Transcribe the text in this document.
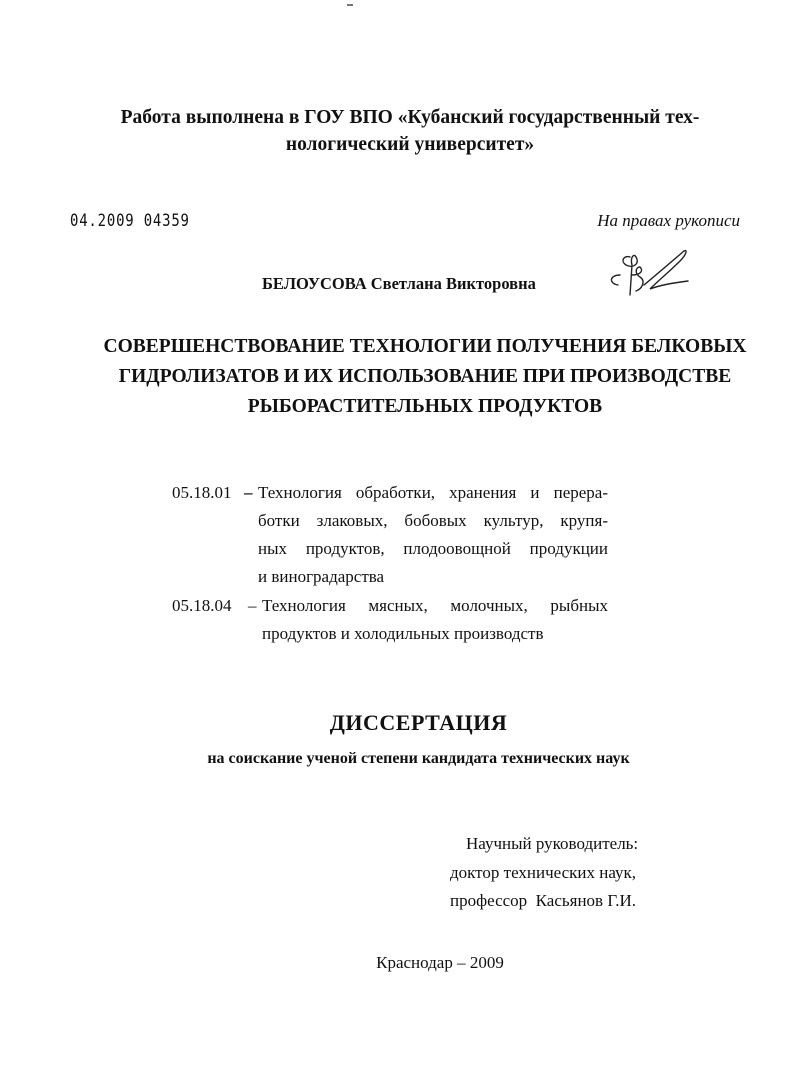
Работа выполнена в ГОУ ВПО «Кубанский государственный тех-
нологический университет»
04.2009 04359	На правах рукописи
БЕЛОУСОВА Светлана Викторовна
СОВЕРШЕНСТВОВАНИЕ ТЕХНОЛОГИИ ПОЛУЧЕНИЯ БЕЛКОВЫХ
ГИДРОЛИЗАТОВ И ИХ ИСПОЛЬЗОВАНИЕ ПРИ ПРОИЗВОДСТВЕ
РЫБОРАСТИТЕЛЬНЫХ ПРОДУКТОВ
05.18.01 – Технология обработки, хранения и перера-
ботки злаковых, бобовых культур, крупя-
ных продуктов, плодоовощной продукции
и виноградарства
05.18.04 – Технология мясных, молочных, рыбных
продуктов и холодильных производств
ДИССЕРТАЦИЯ
на соискание ученой степени кандидата технических наук
Научный руководитель:
доктор технических наук,
профессор  Касьянов Г.И.
Краснодар – 2009
